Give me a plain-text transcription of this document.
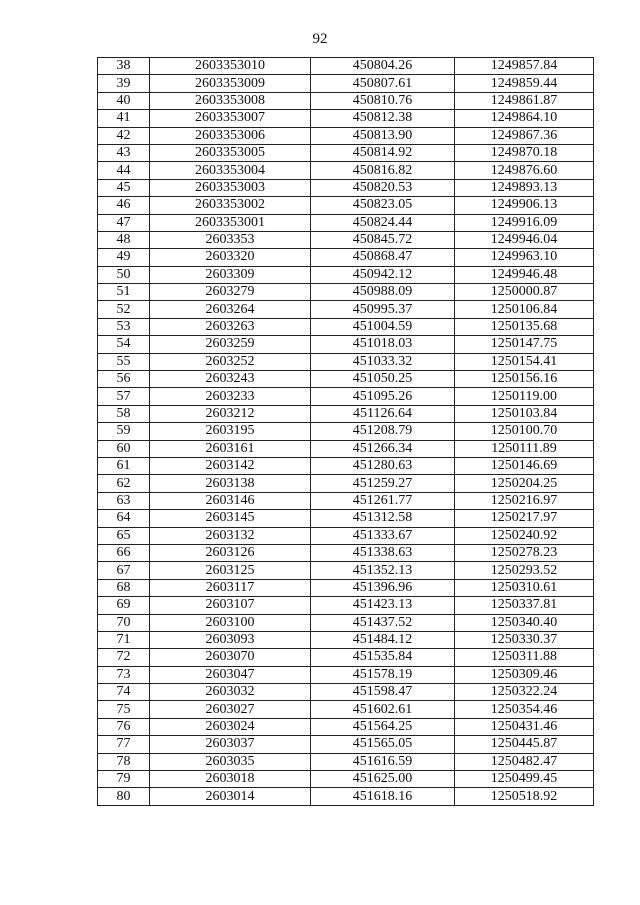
92
38	2603353010	450804.26	1249857.84
39	2603353009	450807.61	1249859.44
40	2603353008	450810.76	1249861.87
41	2603353007	450812.38	1249864.10
42	2603353006	450813.90	1249867.36
43	2603353005	450814.92	1249870.18
44	2603353004	450816.82	1249876.60
45	2603353003	450820.53	1249893.13
46	2603353002	450823.05	1249906.13
47	2603353001	450824.44	1249916.09
48	2603353	450845.72	1249946.04
49	2603320	450868.47	1249963.10
50	2603309	450942.12	1249946.48
51	2603279	450988.09	1250000.87
52	2603264	450995.37	1250106.84
53	2603263	451004.59	1250135.68
54	2603259	451018.03	1250147.75
55	2603252	451033.32	1250154.41
56	2603243	451050.25	1250156.16
57	2603233	451095.26	1250119.00
58	2603212	451126.64	1250103.84
59	2603195	451208.79	1250100.70
60	2603161	451266.34	1250111.89
61	2603142	451280.63	1250146.69
62	2603138	451259.27	1250204.25
63	2603146	451261.77	1250216.97
64	2603145	451312.58	1250217.97
65	2603132	451333.67	1250240.92
66	2603126	451338.63	1250278.23
67	2603125	451352.13	1250293.52
68	2603117	451396.96	1250310.61
69	2603107	451423.13	1250337.81
70	2603100	451437.52	1250340.40
71	2603093	451484.12	1250330.37
72	2603070	451535.84	1250311.88
73	2603047	451578.19	1250309.46
74	2603032	451598.47	1250322.24
75	2603027	451602.61	1250354.46
76	2603024	451564.25	1250431.46
77	2603037	451565.05	1250445.87
78	2603035	451616.59	1250482.47
79	2603018	451625.00	1250499.45
80	2603014	451618.16	1250518.92
